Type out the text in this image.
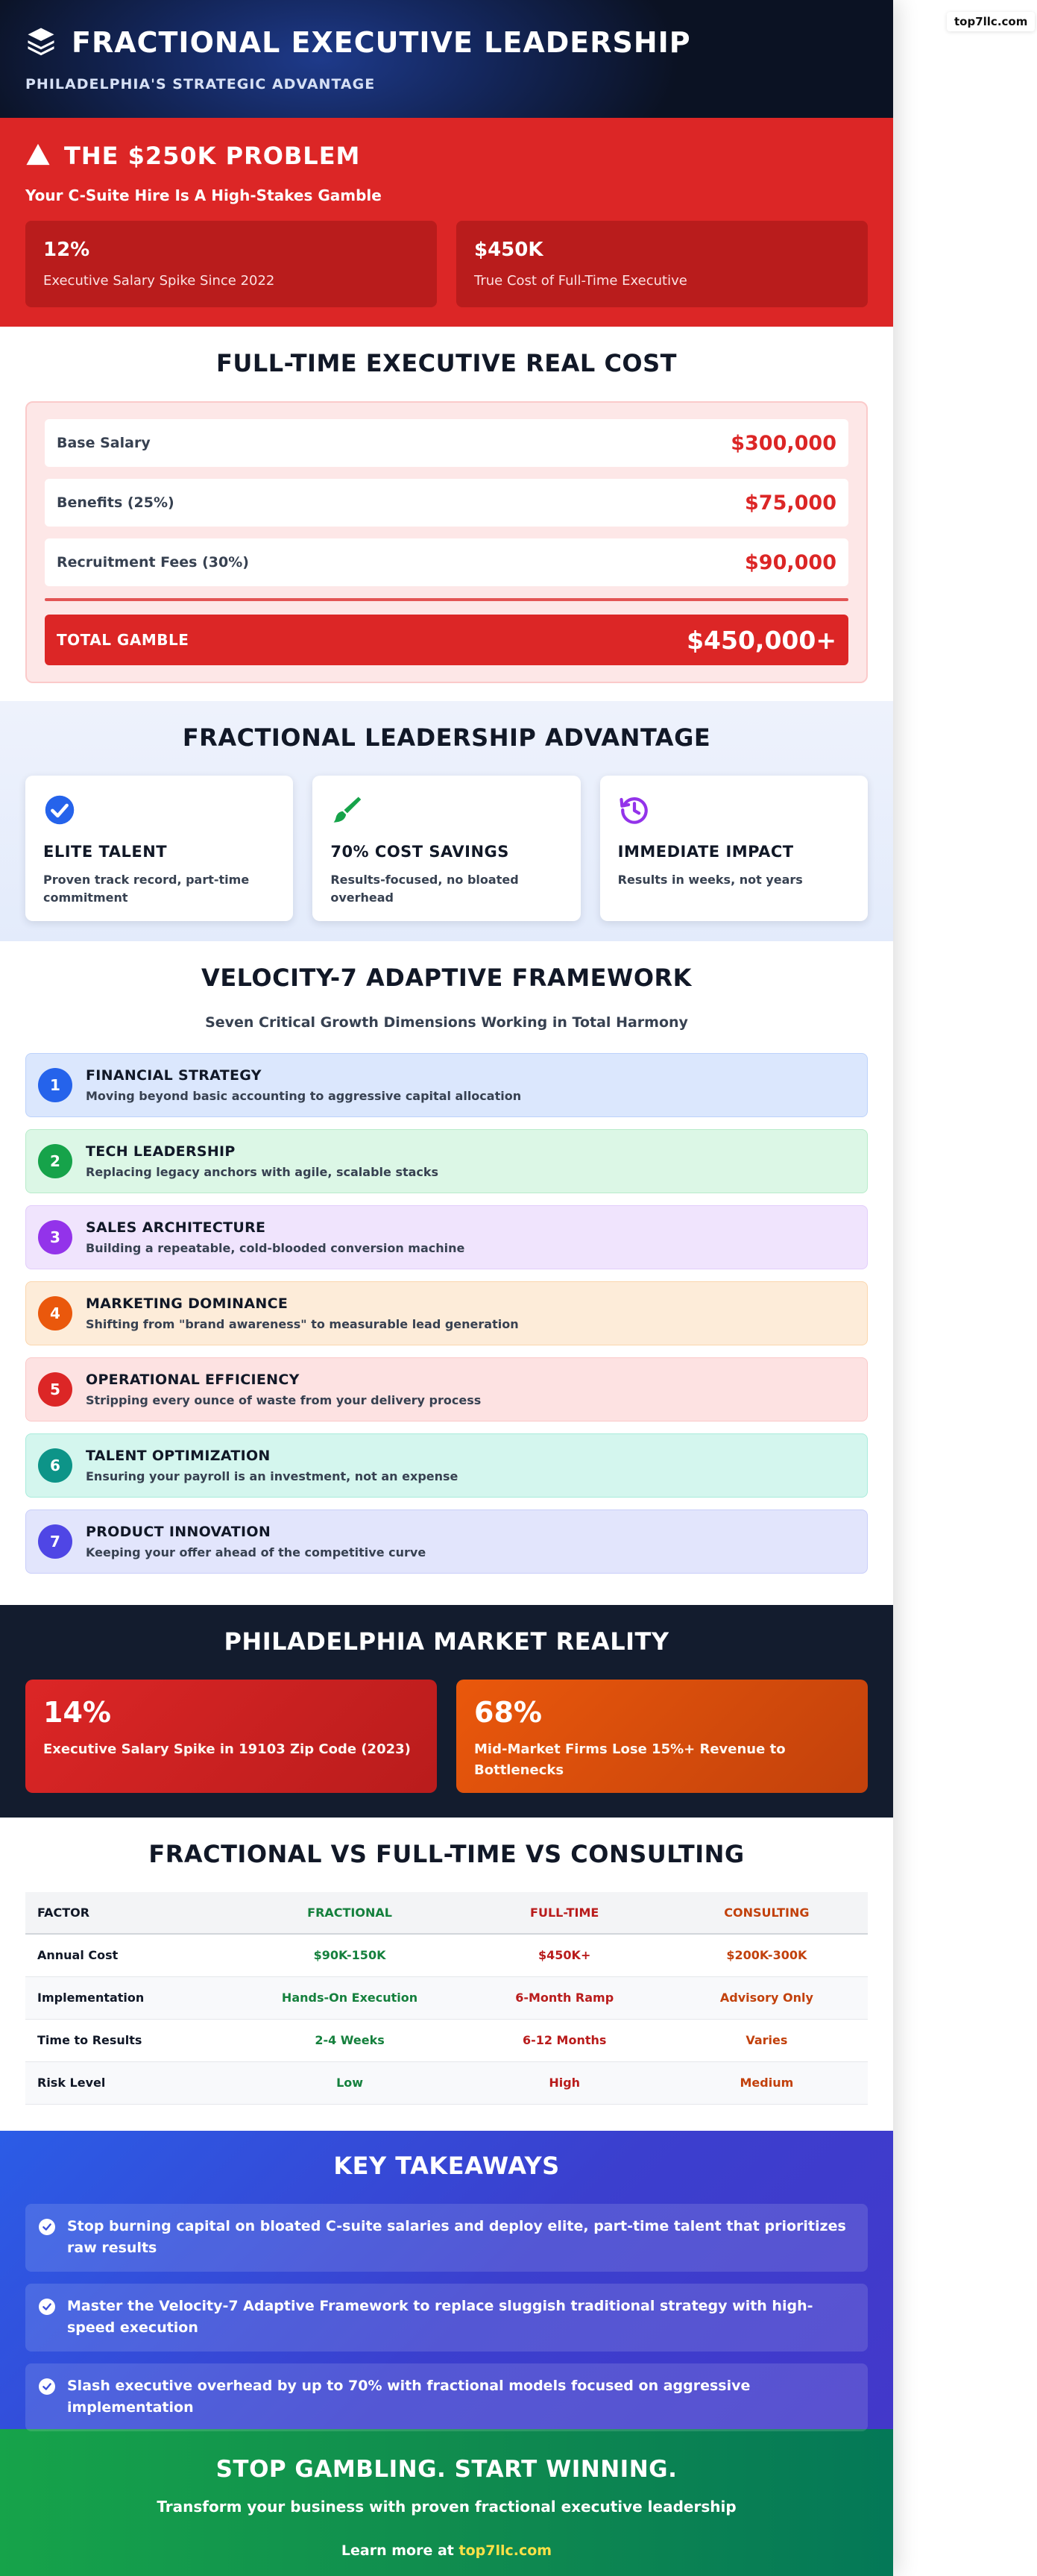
FRACTIONAL EXECUTIVE LEADERSHIP
PHILADELPHIA'S STRATEGIC ADVANTAGE
THE $250K PROBLEM
Your C-Suite Hire Is A High-Stakes Gamble
12%
Executive Salary Spike Since 2022
$450K
True Cost of Full-Time Executive
FULL-TIME EXECUTIVE REAL COST
Base Salary	$300,000
Benefits (25%)	$75,000
Recruitment Fees (30%)	$90,000
TOTAL GAMBLE	$450,000+
FRACTIONAL LEADERSHIP ADVANTAGE
ELITE TALENT
Proven track record, part-time commitment
70% COST SAVINGS
Results-focused, no bloated overhead
IMMEDIATE IMPACT
Results in weeks, not years
VELOCITY-7 ADAPTIVE FRAMEWORK
Seven Critical Growth Dimensions Working in Total Harmony
1
FINANCIAL STRATEGY
Moving beyond basic accounting to aggressive capital allocation
2
TECH LEADERSHIP
Replacing legacy anchors with agile, scalable stacks
3
SALES ARCHITECTURE
Building a repeatable, cold-blooded conversion machine
4
MARKETING DOMINANCE
Shifting from "brand awareness" to measurable lead generation
5
OPERATIONAL EFFICIENCY
Stripping every ounce of waste from your delivery process
6
TALENT OPTIMIZATION
Ensuring your payroll is an investment, not an expense
7
PRODUCT INNOVATION
Keeping your offer ahead of the competitive curve
PHILADELPHIA MARKET REALITY
14%
Executive Salary Spike in 19103 Zip Code (2023)
68%
Mid-Market Firms Lose 15%+ Revenue to Bottlenecks
FRACTIONAL VS FULL-TIME VS CONSULTING
FACTOR	FRACTIONAL	FULL-TIME	CONSULTING
Annual Cost	$90K-150K	$450K+	$200K-300K
Implementation	Hands-On Execution	6-Month Ramp	Advisory Only
Time to Results	2-4 Weeks	6-12 Months	Varies
Risk Level	Low	High	Medium
KEY TAKEAWAYS
Stop burning capital on bloated C-suite salaries and deploy elite, part-time talent that prioritizes raw results
Master the Velocity-7 Adaptive Framework to replace sluggish traditional strategy with high-speed execution
Slash executive overhead by up to 70% with fractional models focused on aggressive implementation
STOP GAMBLING. START WINNING.
Transform your business with proven fractional executive leadership
Learn more at top7llc.com
top7llc.com
